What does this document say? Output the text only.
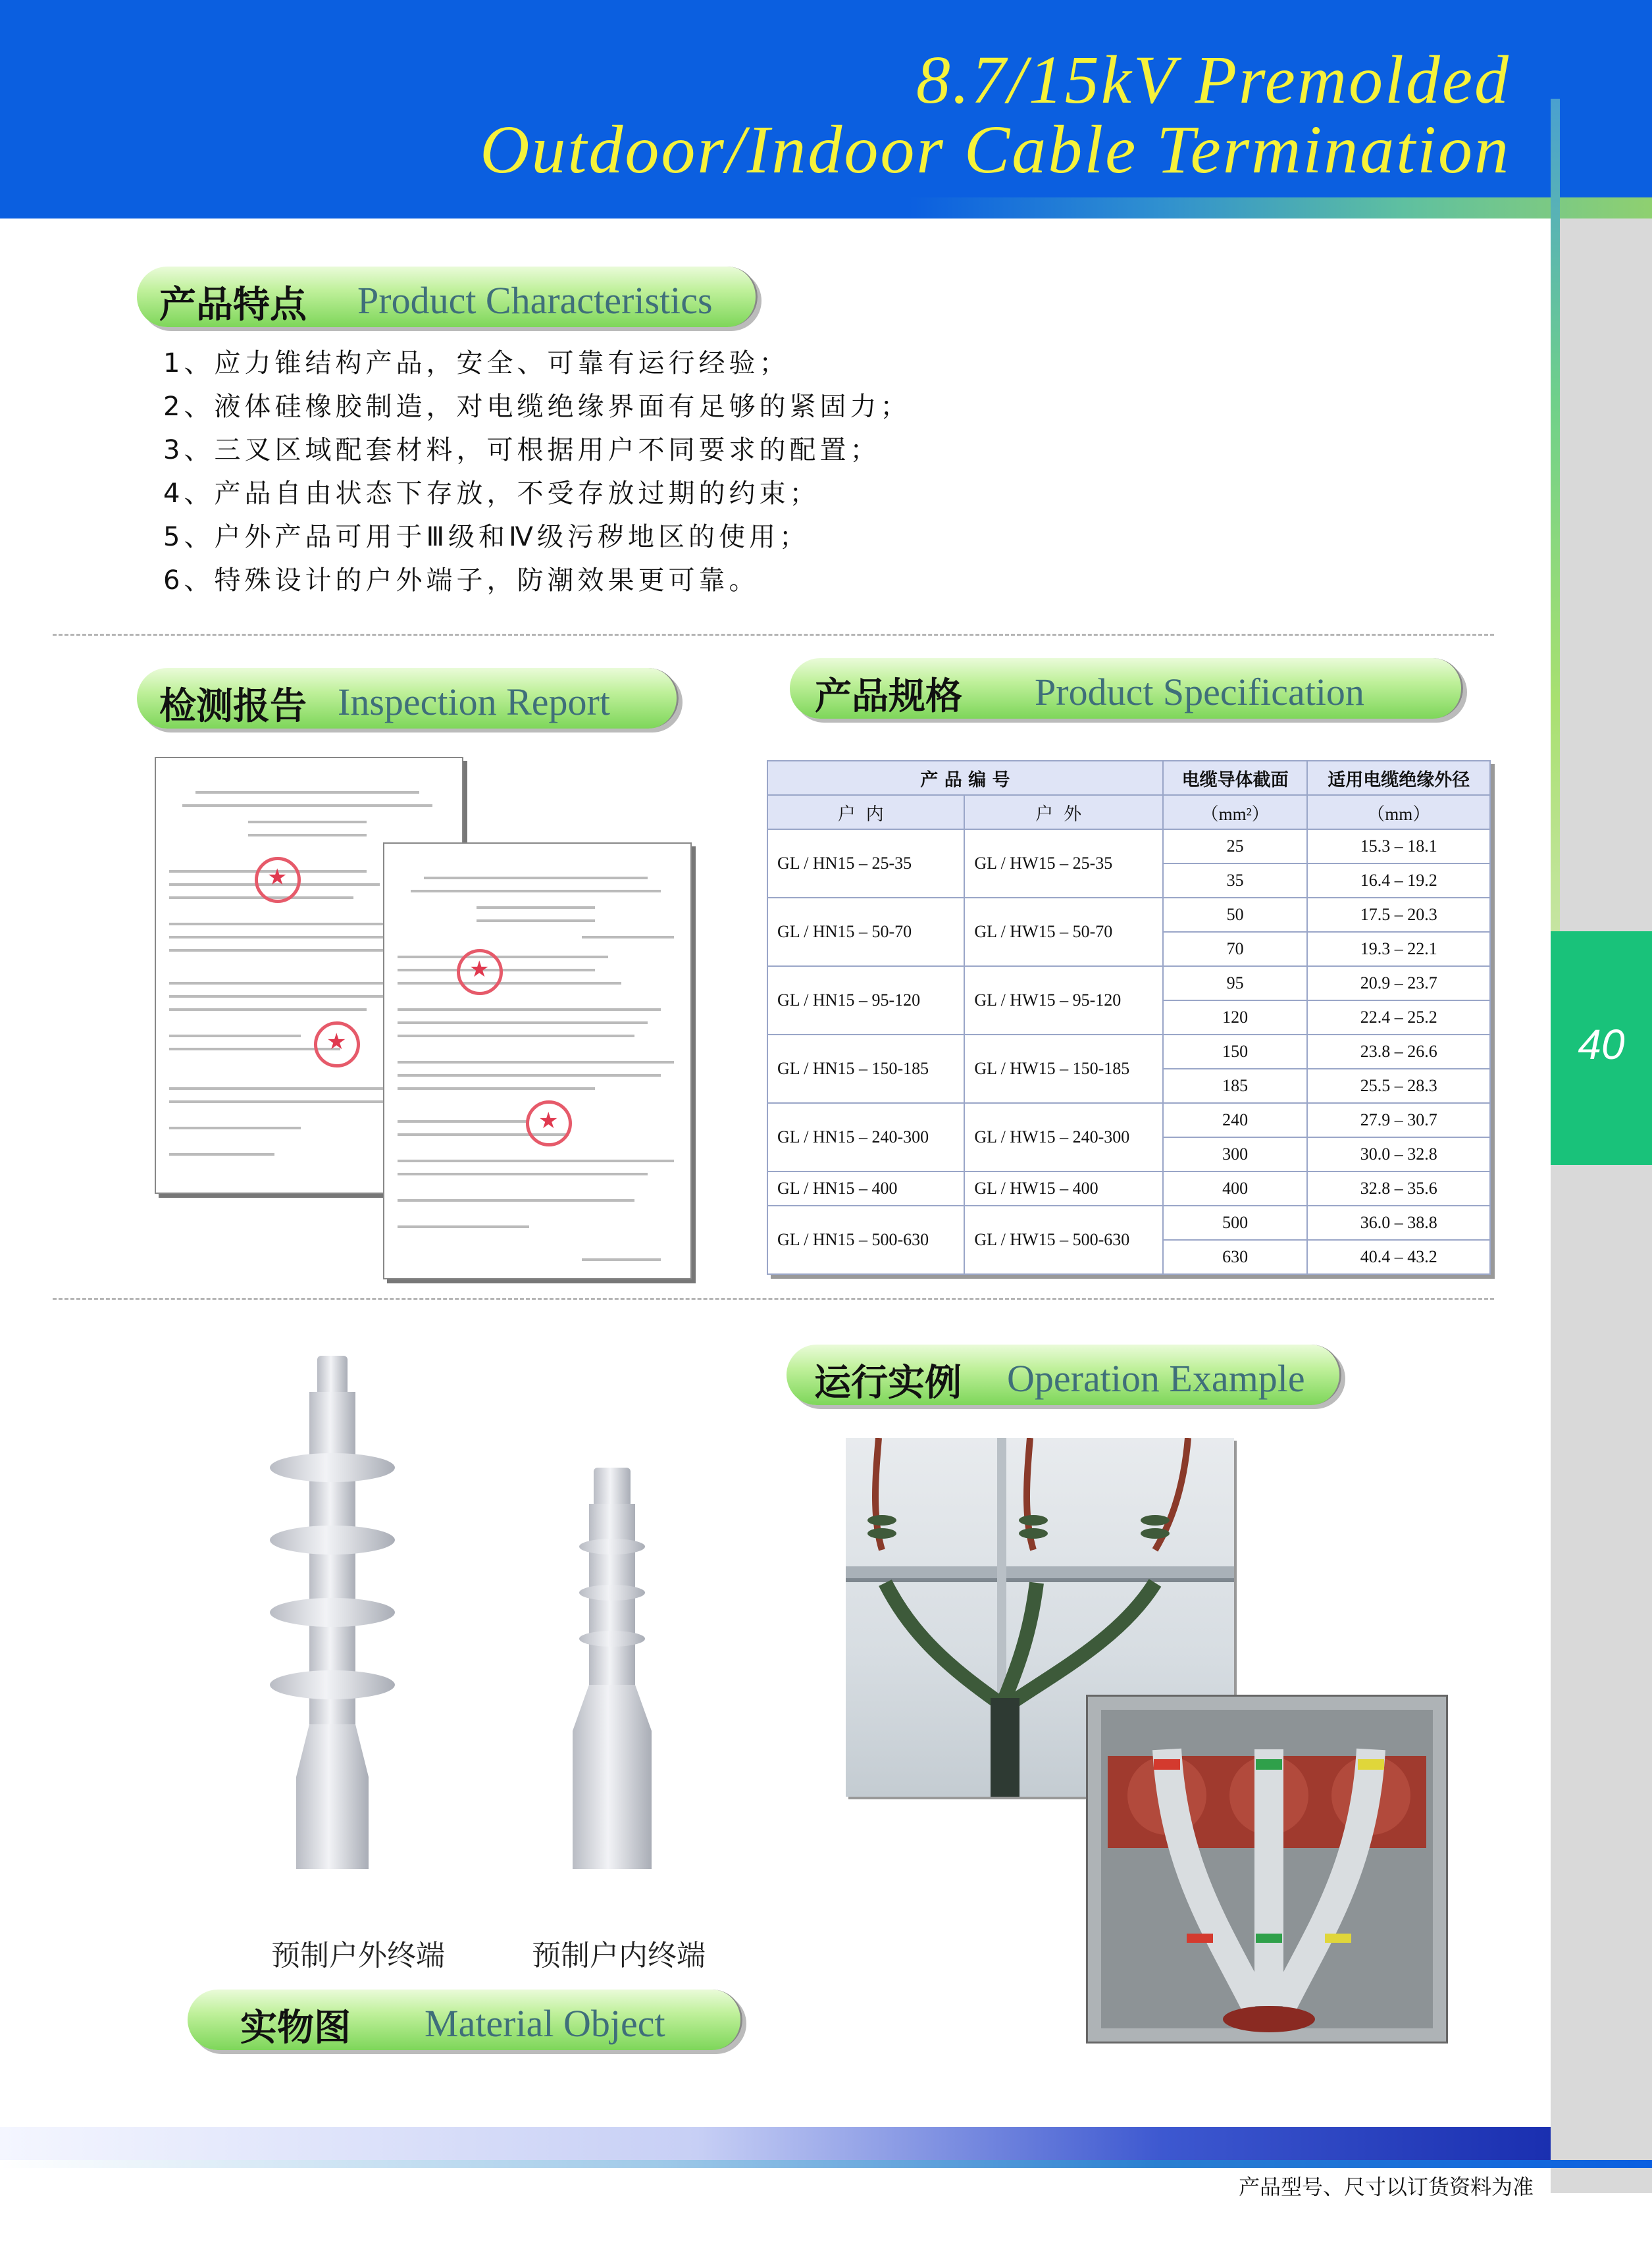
8.7/15kV Premolded
Outdoor/Indoor Cable Termination
40
产品特点 Product Characteristics
1、应力锥结构产品，安全、可靠有运行经验；
2、液体硅橡胶制造，对电缆绝缘界面有足够的紧固力；
3、三叉区域配套材料，可根据用户不同要求的配置；
4、产品自由状态下存放，不受存放过期的约束；
5、户外产品可用于Ⅲ级和Ⅳ级污秽地区的使用；
6、特殊设计的户外端子，防潮效果更可靠。
检测报告 Inspection Report
★
★
★
★	产品规格 Product Specification
产 品 编 号		电缆导体截面	适用电缆绝缘外径
户内	户外	（mm²）	（mm）
GL / HN15 – 25-35	GL / HW15 – 25-35	25	15.3 – 18.1
		35	16.4 – 19.2
GL / HN15 – 50-70	GL / HW15 – 50-70	50	17.5 – 20.3
		70	19.3 – 22.1
GL / HN15 – 95-120	GL / HW15 – 95-120	95	20.9 – 23.7
		120	22.4 – 25.2
GL / HN15 – 150-185	GL / HW15 – 150-185	150	23.8 – 26.6
		185	25.5 – 28.3
GL / HN15 – 240-300	GL / HW15 – 240-300	240	27.9 – 30.7
		300	30.0 – 32.8
GL / HN15 – 400	GL / HW15 – 400	400	32.8 – 35.6
GL / HN15 – 500-630	GL / HW15 – 500-630	500	36.0 – 38.8
		630	40.4 – 43.2
运行实例 Operation Example
预制户外终端	预制户内终端
实物图 Material Object
产品型号、尺寸以订货资料为准
